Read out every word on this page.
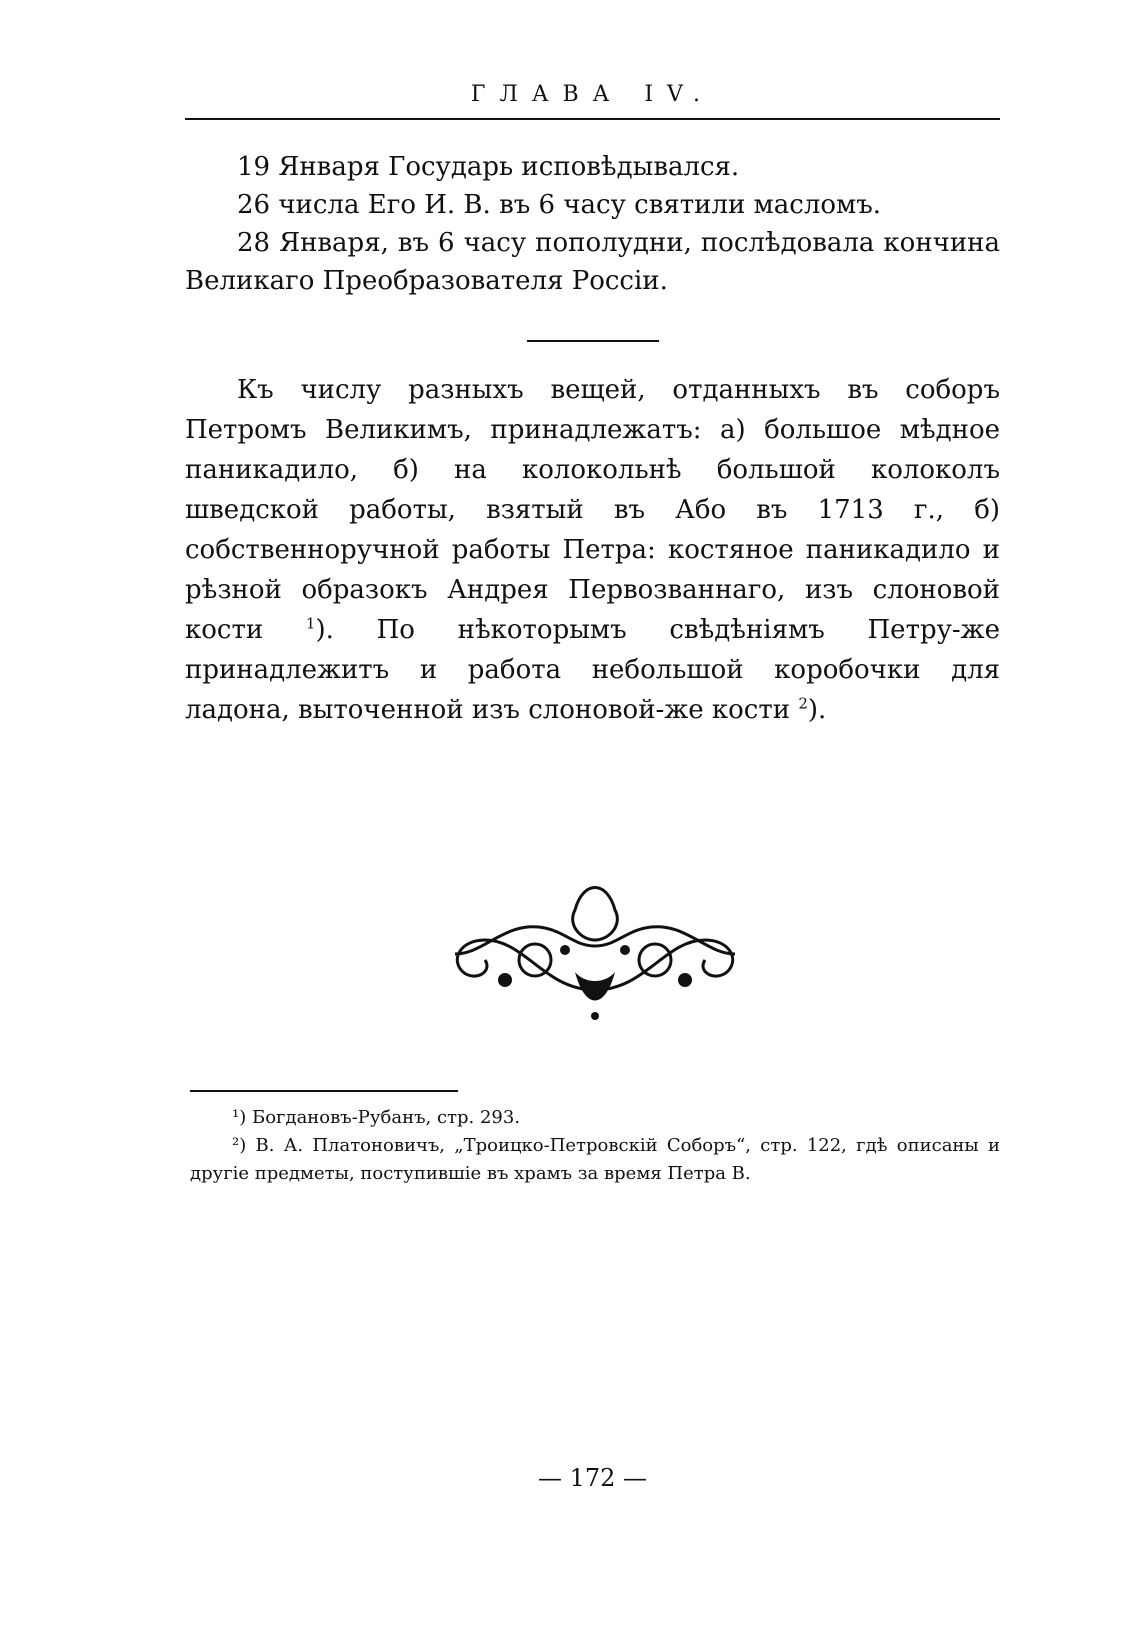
ГЛАВА IV.

19 Января Государь исповѣдывался.

26 числа Его И. В. въ 6 часу святили масломъ.

28 Января, въ 6 часу пополудни, послѣдовала кончина Великаго Преобразователя Россіи.

Къ числу разныхъ вещей, отданныхъ въ соборъ Петромъ Великимъ, принадлежатъ: а) большое мѣдное паникадило, б) на колокольнѣ большой колоколъ шведской работы, взятый въ Або въ 1713 г., б) собственноручной работы Петра: костяное паникадило и рѣзной образокъ Андрея Первозваннаго, изъ слоновой кости $^1$). По нѣкоторымъ свѣдѣніямъ Петру-же принадлежитъ и работа небольшой коробочки для ладона, выточенной изъ слоновой-же кости $^2$).

¹) Богдановъ-Рубанъ, стр. 293.

²) В. А. Платоновичъ, „Троицко-Петровскій Соборъ“, стр. 122, гдѣ описаны и другіе предметы, поступившіе въ храмъ за время Петра В.

— 172 —
